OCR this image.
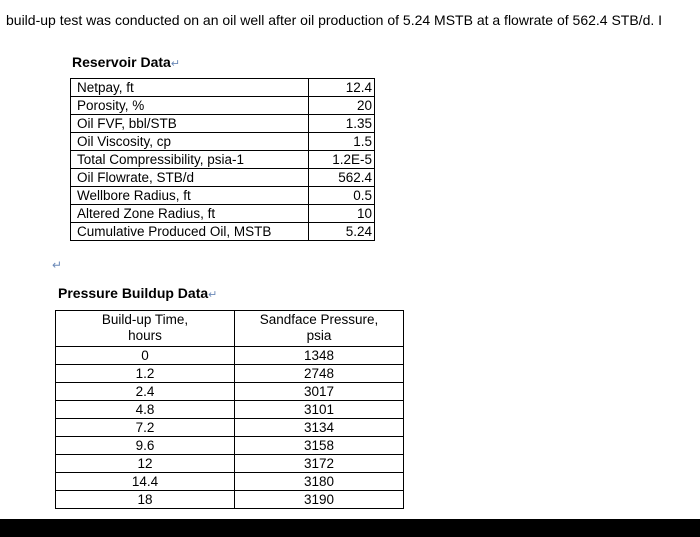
build-up test was conducted on an oil well after oil production of 5.24 MSTB at a flowrate of 562.4 STB/d. I
Reservoir Data↵
Netpay, ft	12.4
Porosity, %	20
Oil FVF, bbl/STB	1.35
Oil Viscosity, cp	1.5
Total Compressibility, psia-1	1.2E-5
Oil Flowrate, STB/d	562.4
Wellbore Radius, ft	0.5
Altered Zone Radius, ft	10
Cumulative Produced Oil, MSTB	5.24
↵
Pressure Buildup Data↵
Build-up Time,
hours	Sandface Pressure,
psia
0	1348
1.2	2748
2.4	3017
4.8	3101
7.2	3134
9.6	3158
12	3172
14.4	3180
18	3190
